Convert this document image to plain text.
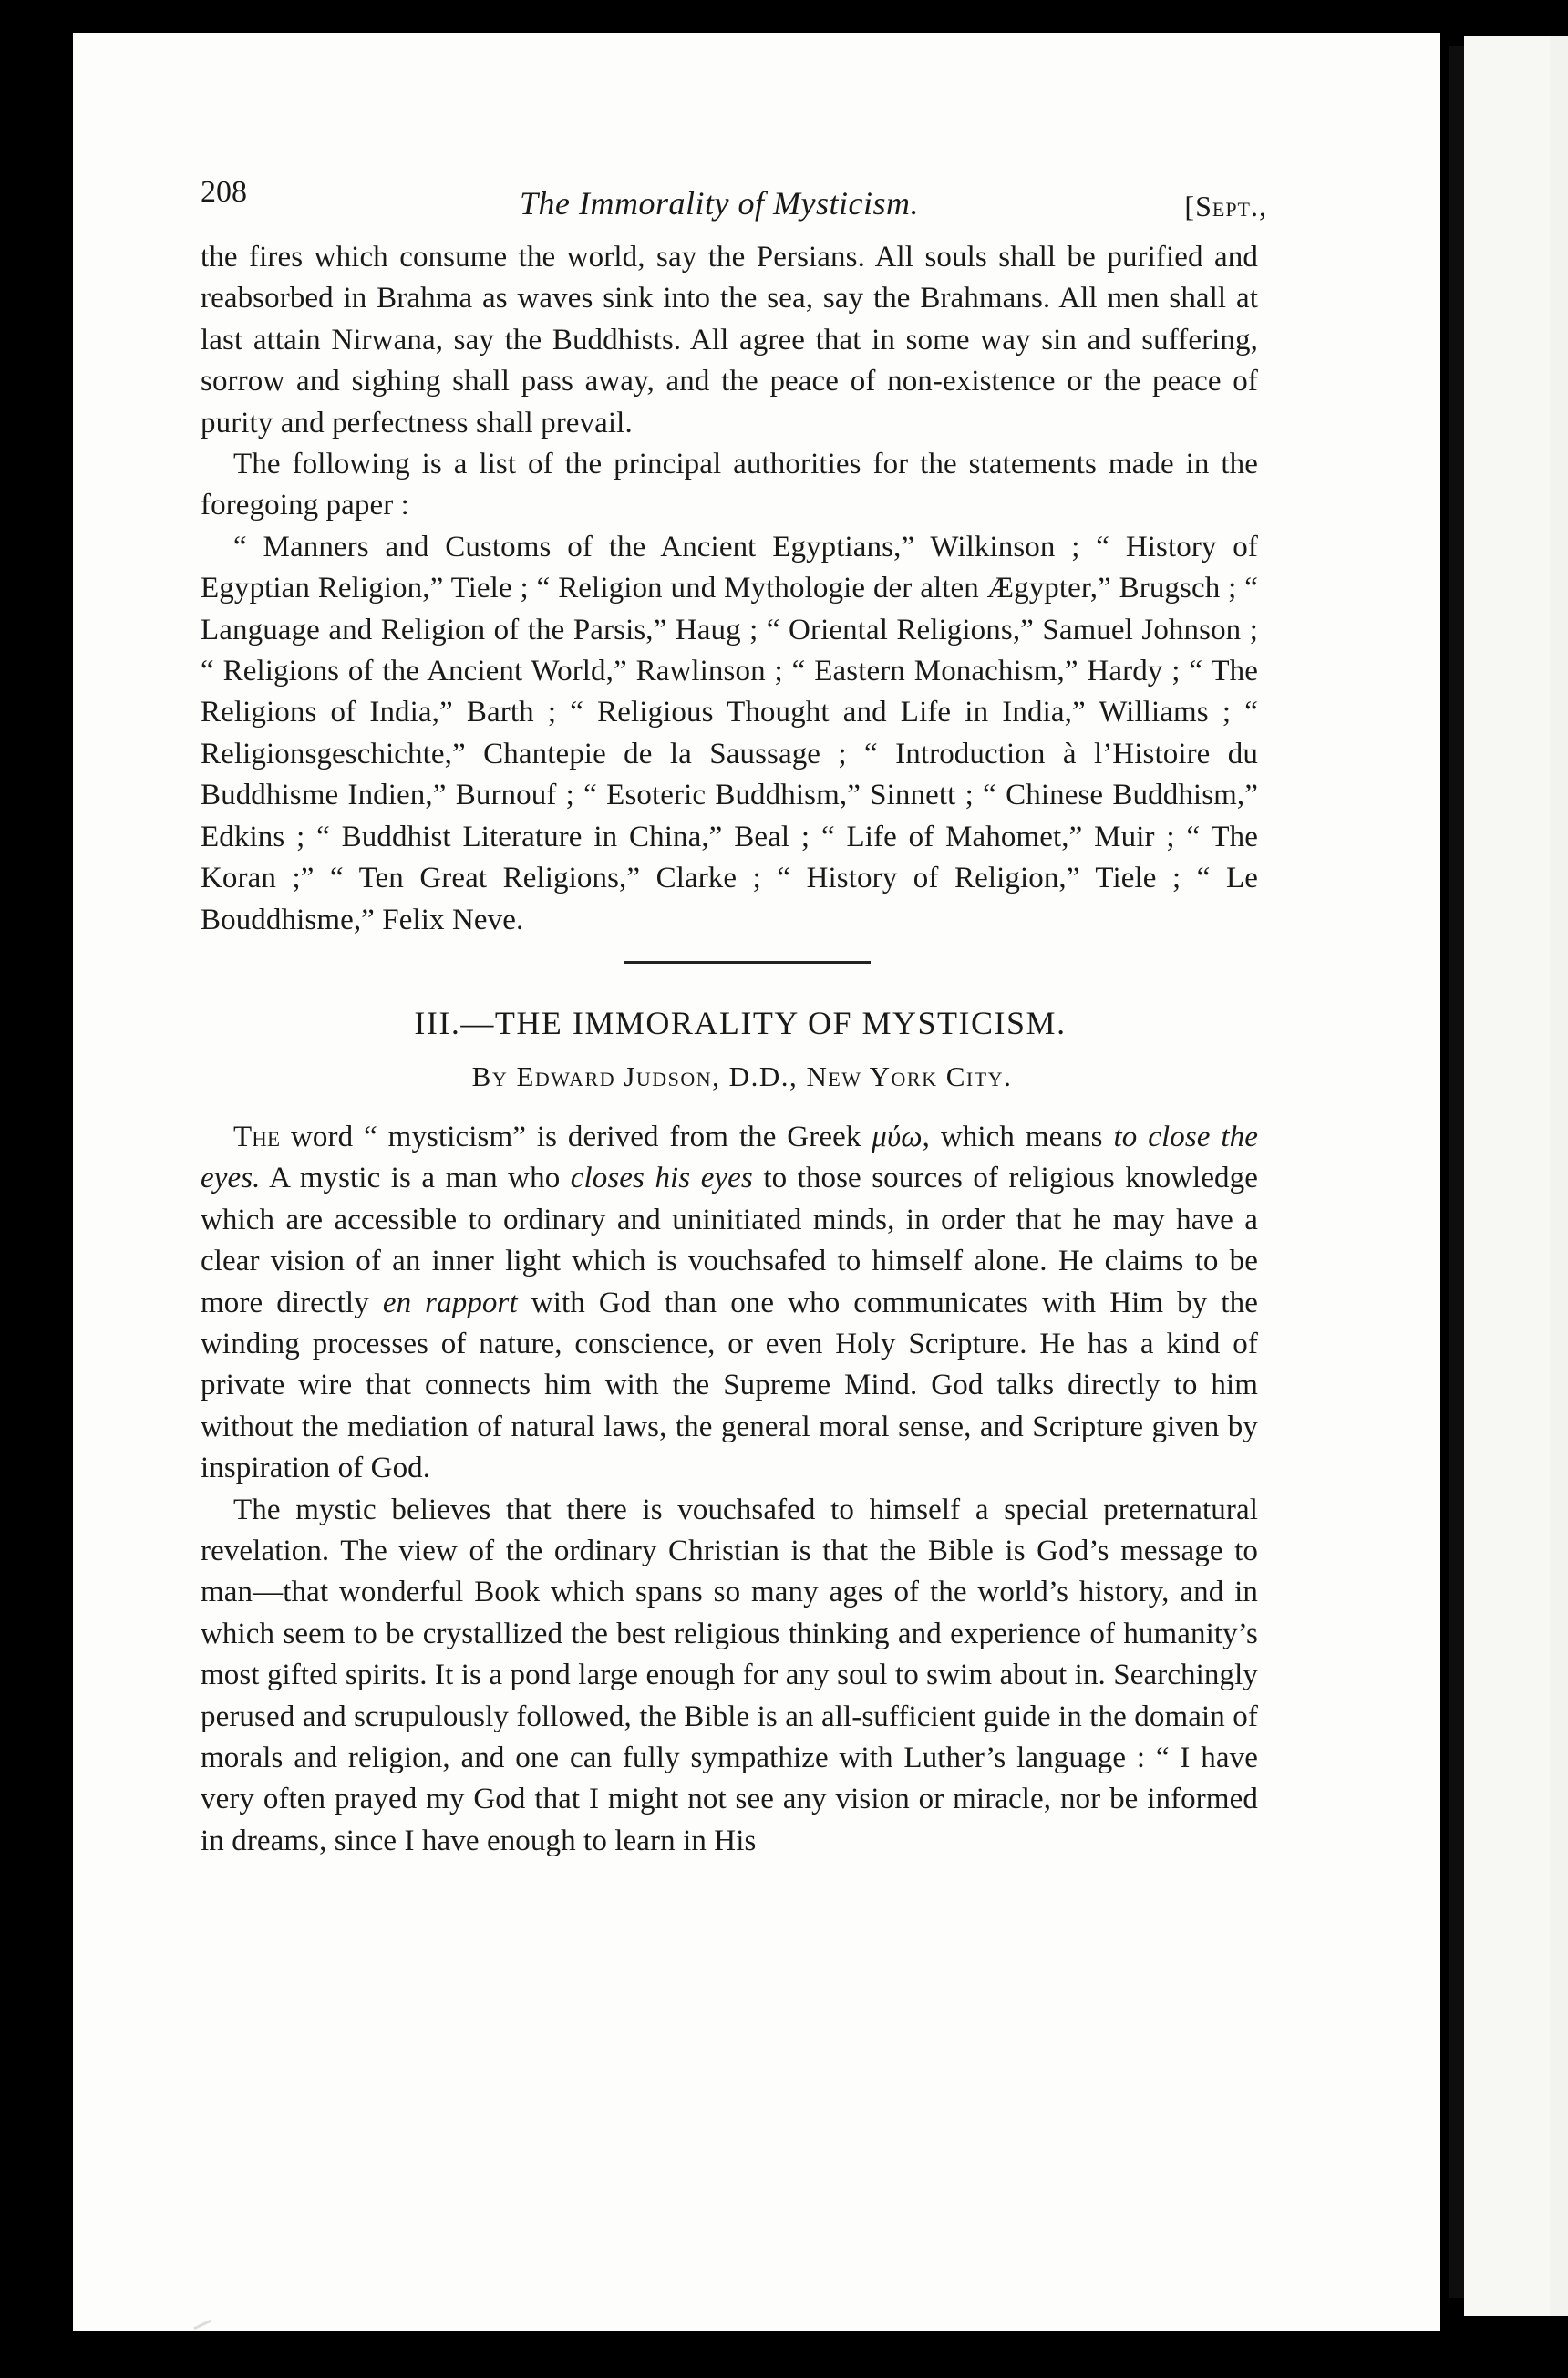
208	The Immorality of Mysticism.	[Sept.,

the fires which consume the world, say the Persians. All souls shall be purified and reabsorbed in Brahma as waves sink into the sea, say the Brahmans. All men shall at last attain Nirwana, say the Buddhists. All agree that in some way sin and suffering, sorrow and sighing shall pass away, and the peace of non-existence or the peace of purity and perfectness shall prevail.

The following is a list of the principal authorities for the statements made in the foregoing paper :

“ Manners and Customs of the Ancient Egyptians,” Wilkinson ; “ History of Egyptian Religion,” Tiele ; “ Religion und Mythologie der alten Ægypter,” Brugsch ; “ Language and Religion of the Parsis,” Haug ; “ Oriental Religions,” Samuel Johnson ; “ Religions of the Ancient World,” Rawlinson ; “ Eastern Monachism,” Hardy ; “ The Religions of India,” Barth ; “ Religious Thought and Life in India,” Williams ; “ Religionsgeschichte,” Chantepie de la Saussage ; “ Introduction à l’Histoire du Buddhisme Indien,” Burnouf ; “ Esoteric Buddhism,” Sinnett ; “ Chinese Buddhism,” Edkins ; “ Buddhist Literature in China,” Beal ; “ Life of Mahomet,” Muir ; “ The Koran ;” “ Ten Great Religions,” Clarke ; “ History of Religion,” Tiele ; “ Le Bouddhisme,” Felix Neve.

III.—THE IMMORALITY OF MYSTICISM.
By Edward Judson, D.D., New York City.

The word “ mysticism” is derived from the Greek μύω, which means to close the eyes. A mystic is a man who closes his eyes to those sources of religious knowledge which are accessible to ordinary and uninitiated minds, in order that he may have a clear vision of an inner light which is vouchsafed to himself alone. He claims to be more directly en rapport with God than one who communicates with Him by the winding processes of nature, conscience, or even Holy Scripture. He has a kind of private wire that connects him with the Supreme Mind. God talks directly to him without the mediation of natural laws, the general moral sense, and Scripture given by inspiration of God.

The mystic believes that there is vouchsafed to himself a special preternatural revelation. The view of the ordinary Christian is that the Bible is God’s message to man—that wonderful Book which spans so many ages of the world’s history, and in which seem to be crystallized the best religious thinking and experience of humanity’s most gifted spirits. It is a pond large enough for any soul to swim about in. Searchingly perused and scrupulously followed, the Bible is an all-sufficient guide in the domain of morals and religion, and one can fully sympathize with Luther’s language : “ I have very often prayed my God that I might not see any vision or miracle, nor be informed in dreams, since I have enough to learn in His
